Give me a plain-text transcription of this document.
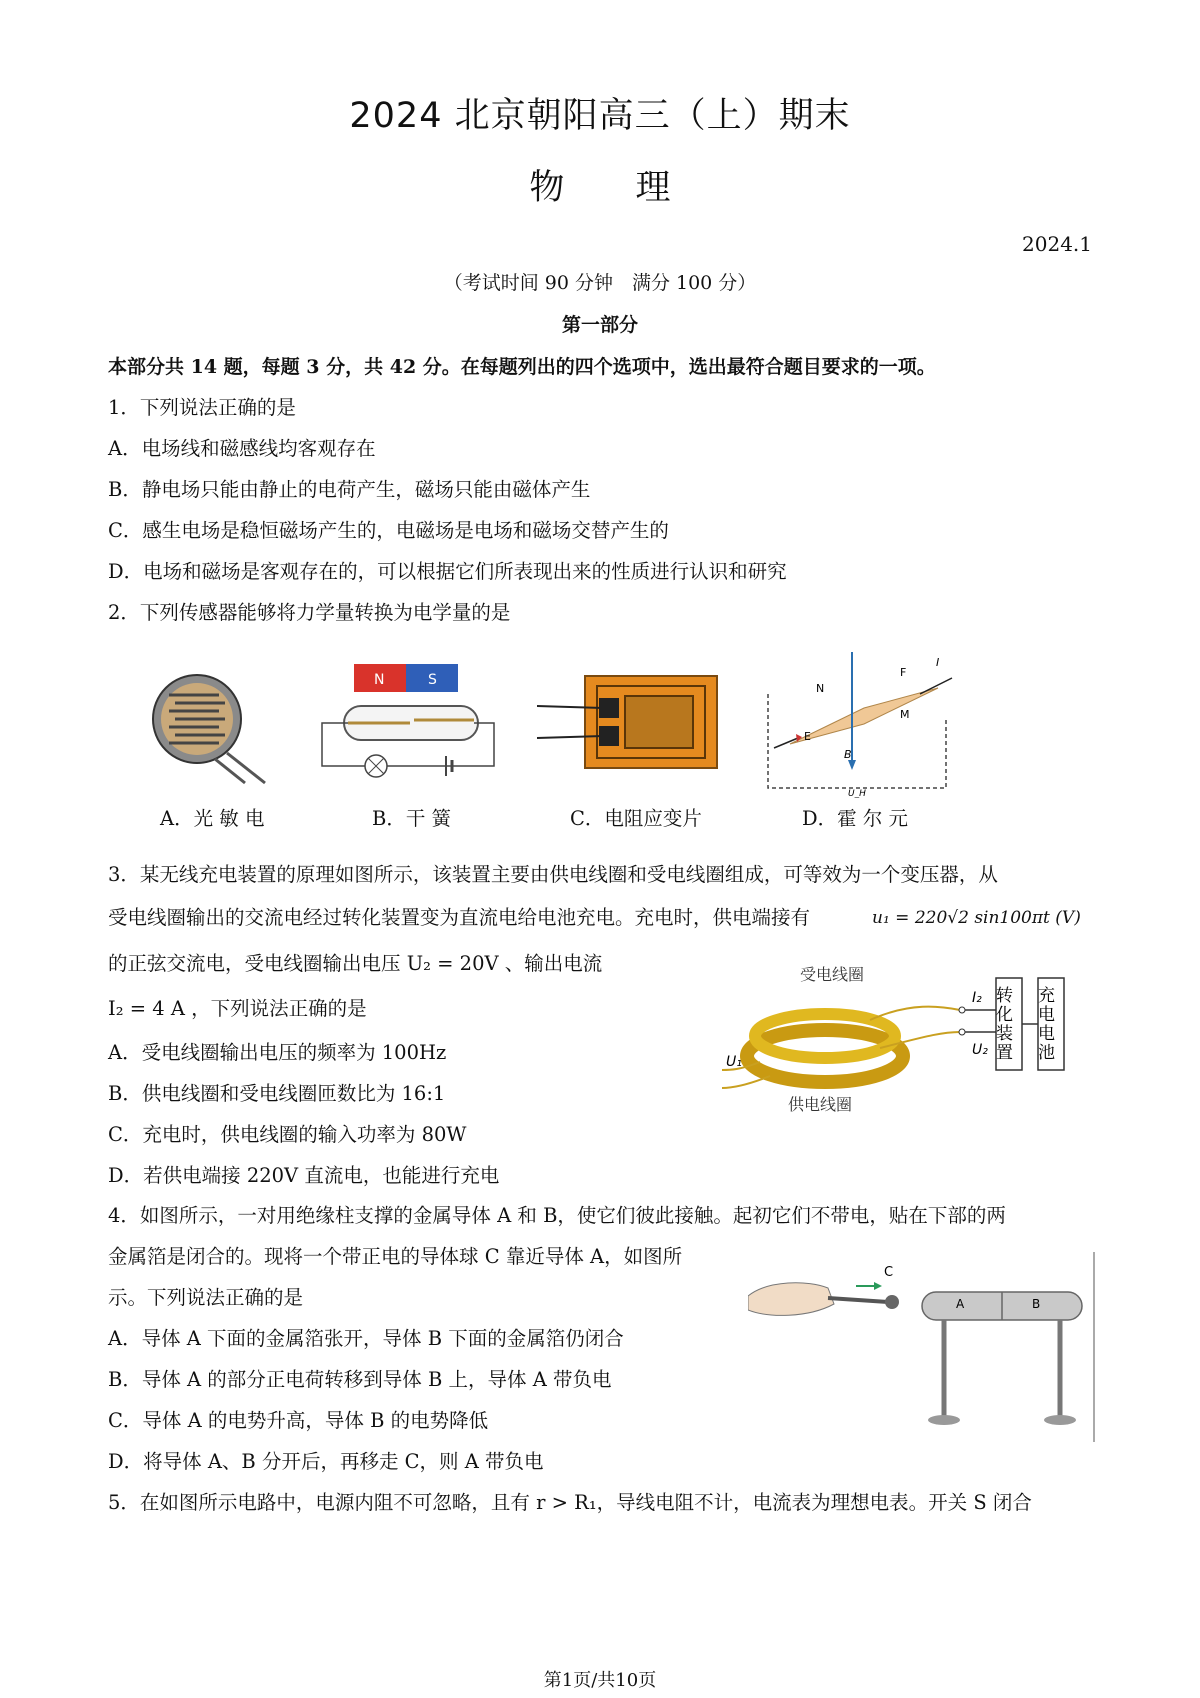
2024 北京朝阳高三（上）期末
物 理
2024.1
（考试时间 90 分钟　满分 100 分）
第一部分
本部分共 14 题，每题 3 分，共 42 分。在每题列出的四个选项中，选出最符合题目要求的一项。
1．下列说法正确的是
A．电场线和磁感线均客观存在
B．静电场只能由静止的电荷产生，磁场只能由磁体产生
C．感生电场是稳恒磁场产生的，电磁场是电场和磁场交替产生的
D．电场和磁场是客观存在的，可以根据它们所表现出来的性质进行认识和研究
2．下列传感器能够将力学量转换为电学量的是
N	S
N
M
F
I
E
B
U_H
A．光 敏 电	B．干 簧	C．电阻应变片	D．霍 尔 元
3．某无线充电装置的原理如图所示，该装置主要由供电线圈和受电线圈组成，可等效为一个变压器，从
受电线圈输出的交流电经过转化装置变为直流电给电池充电。充电时，供电端接有	u₁ = 220√2 sin100πt (V)
的正弦交流电，受电线圈输出电压 U₂ = 20V 、输出电流
I₂ = 4 A ，下列说法正确的是
A．受电线圈输出电压的频率为 100Hz
B．供电线圈和受电线圈匝数比为 16:1
C．充电时，供电线圈的输入功率为 80W
D．若供电端接 220V 直流电，也能进行充电
受电线圈
I₂
U₂ 转化装置 充电电池
U₁
供电线圈
4．如图所示，一对用绝缘柱支撑的金属导体 A 和 B，使它们彼此接触。起初它们不带电，贴在下部的两
金属箔是闭合的。现将一个带正电的导体球 C 靠近导体 A，如图所
示。下列说法正确的是
A．导体 A 下面的金属箔张开，导体 B 下面的金属箔仍闭合
B．导体 A 的部分正电荷转移到导体 B 上，导体 A 带负电
C．导体 A 的电势升高，导体 B 的电势降低
D．将导体 A、B 分开后，再移走 C，则 A 带负电
C
A	B
5．在如图所示电路中，电源内阻不可忽略，且有 r > R₁，导线电阻不计，电流表为理想电表。开关 S 闭合
第1页/共10页
